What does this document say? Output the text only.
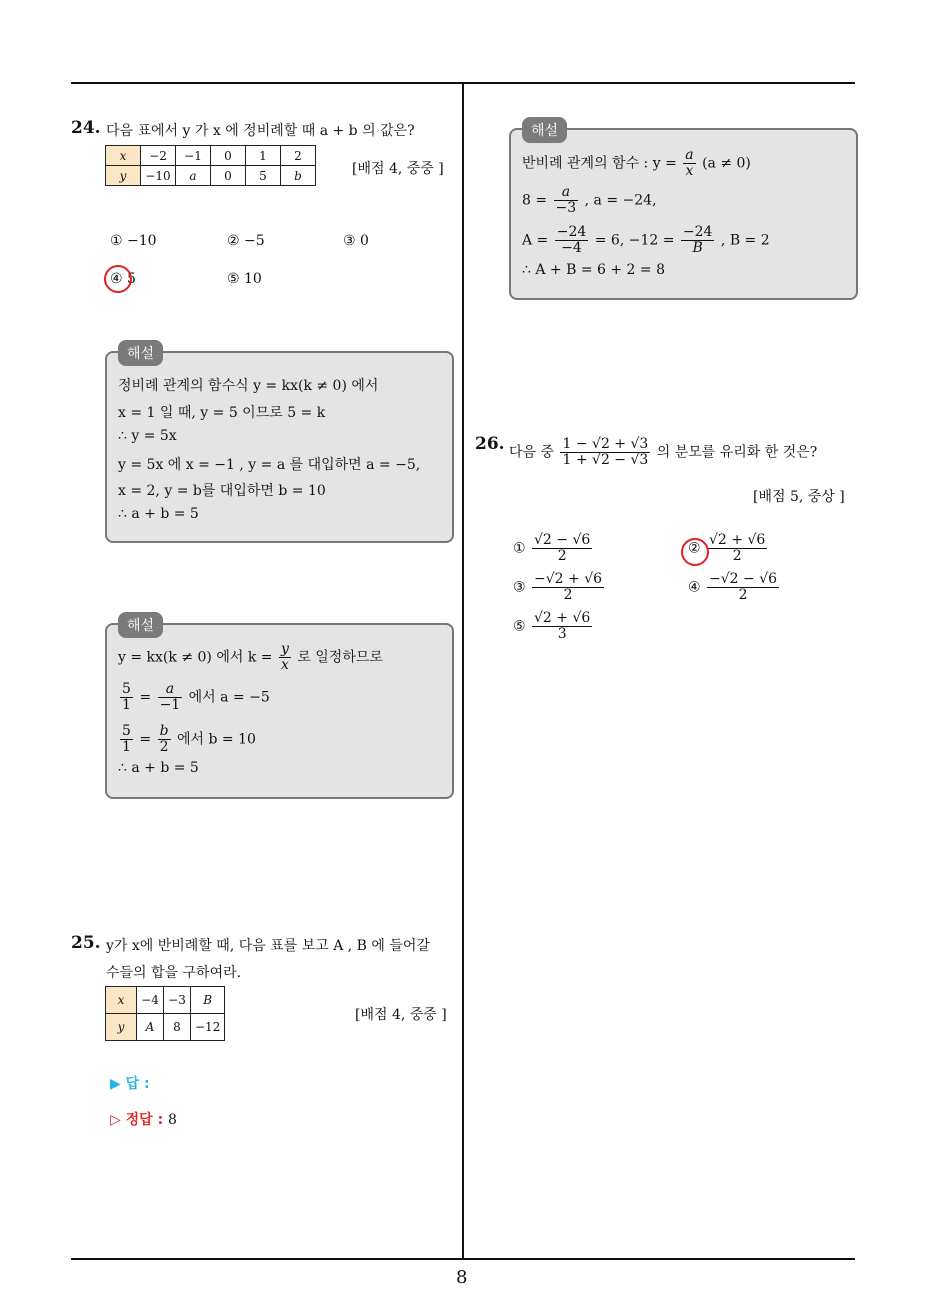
24. 다음 표에서 y 가 x 에 정비례할 때 a + b 의 값은?
x	−2	−1	0	1	2
y	−10	a	0	5	b	[배점 4, 중중 ]
① −10	② −5	③ 0
④ 5	⑤ 10
해설
정비례 관계의 함수식 y = kx(k ≠ 0) 에서
x = 1 일 때, y = 5 이므로 5 = k
∴ y = 5x
y = 5x 에 x = −1 , y = a 를 대입하면 a = −5,
x = 2, y = b를 대입하면 b = 10
∴ a + b = 5
해설
y = kx(k ≠ 0) 에서 $k = \frac{y}{x}$ 로 일정하므로
$\frac{5}{1} = \frac{a}{-1}$ 에서 a = −5
$\frac{5}{1} = \frac{b}{2}$ 에서 b = 10
∴ a + b = 5
25. y가 x에 반비례할 때, 다음 표를 보고 A , B 에 들어갈
수들의 합을 구하여라.
x	−4	−3	B
y	A	8	−12
[배점 4, 중중 ]
▶ 답 :
▷ 정답 : 8
해설
반비례 관계의 함수 : $y = \frac{a}{x} (a \ne 0)$
$8 = \frac{a}{-3}$ , a = −24,
$A = \frac{-24}{-4} = 6$, $-12 = \frac{-24}{B}$ , B = 2
∴ A + B = 6 + 2 = 8
26. 다음 중 $\frac{1 - √2 + √3}{1 + √2 - √3}$ 의 분모를 유리화 한 것은?
[배점 5, 중상 ]
① $\frac{√2 - √6}{2}$	② $\frac{√2 + √6}{2}$
③ $\frac{-√2 + √6}{2}$	④ $\frac{-√2 - √6}{2}$
⑤ $\frac{√2 + √6}{3}$
8
